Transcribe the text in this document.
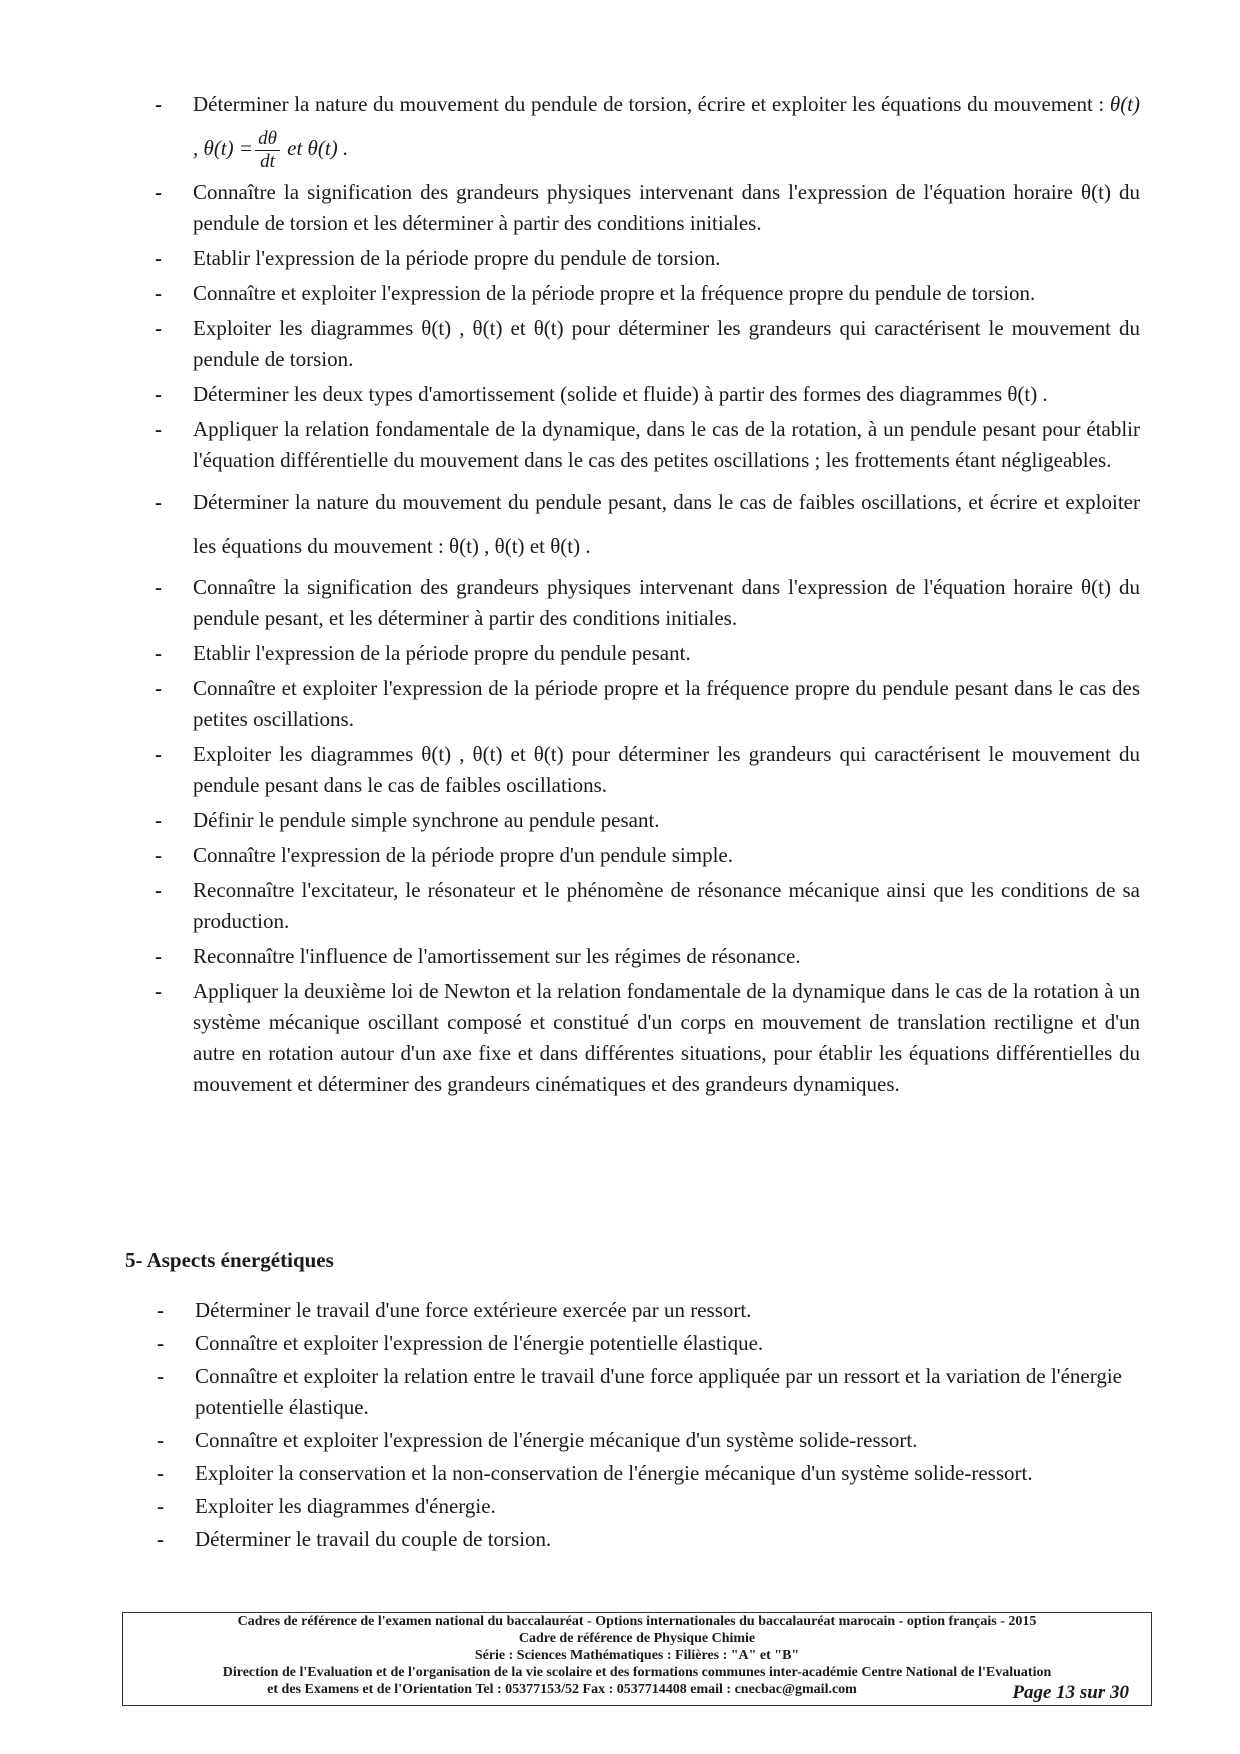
- Déterminer la nature du mouvement du pendule de torsion, écrire et exploiter les équations du mouvement : θ(t) , $\theta(t) = \frac{d\theta}{dt}$ et θ(t) .
- Connaître la signification des grandeurs physiques intervenant dans l'expression de l'équation horaire θ(t) du pendule de torsion et les déterminer à partir des conditions initiales.
- Etablir l'expression de la période propre du pendule de torsion.
- Connaître et exploiter l'expression de la période propre et la fréquence propre du pendule de torsion.
- Exploiter les diagrammes θ(t) , θ(t) et θ(t) pour déterminer les grandeurs qui caractérisent le mouvement du pendule de torsion.
- Déterminer les deux types d'amortissement (solide et fluide) à partir des formes des diagrammes θ(t) .
- Appliquer la relation fondamentale de la dynamique, dans le cas de la rotation, à un pendule pesant pour établir l'équation différentielle du mouvement dans le cas des petites oscillations ; les frottements étant négligeables.
- Déterminer la nature du mouvement du pendule pesant, dans le cas de faibles oscillations, et écrire et exploiter les équations du mouvement : θ(t) , θ(t) et θ(t) .
- Connaître la signification des grandeurs physiques intervenant dans l'expression de l'équation horaire θ(t) du pendule pesant, et les déterminer à partir des conditions initiales.
- Etablir l'expression de la période propre du pendule pesant.
- Connaître et exploiter l'expression de la période propre et la fréquence propre du pendule pesant dans le cas des petites oscillations.
- Exploiter les diagrammes θ(t) , θ(t) et θ(t) pour déterminer les grandeurs qui caractérisent le mouvement du pendule pesant dans le cas de faibles oscillations.
- Définir le pendule simple synchrone au pendule pesant.
- Connaître l'expression de la période propre d'un pendule simple.
- Reconnaître l'excitateur, le résonateur et le phénomène de résonance mécanique ainsi que les conditions de sa production.
- Reconnaître l'influence de l'amortissement sur les régimes de résonance.
- Appliquer la deuxième loi de Newton et la relation fondamentale de la dynamique dans le cas de la rotation à un système mécanique oscillant composé et constitué d'un corps en mouvement de translation rectiligne et d'un autre en rotation autour d'un axe fixe et dans différentes situations, pour établir les équations différentielles du mouvement et déterminer des grandeurs cinématiques et des grandeurs dynamiques.
5- Aspects énergétiques
- Déterminer le travail d'une force extérieure exercée par un ressort.
- Connaître et exploiter l'expression de l'énergie potentielle élastique.
- Connaître et exploiter la relation entre le travail d'une force appliquée par un ressort et la variation de l'énergie potentielle élastique.
- Connaître et exploiter l'expression de l'énergie mécanique d'un système solide-ressort.
- Exploiter la conservation et la non-conservation de l'énergie mécanique d'un système solide-ressort.
- Exploiter les diagrammes d'énergie.
- Déterminer le travail du couple de torsion.
Cadres de référence de l'examen national du baccalauréat - Options internationales du baccalauréat marocain - option français - 2015
Cadre de référence de Physique Chimie
Série : Sciences Mathématiques : Filières : "A" et "B"
Direction de l'Evaluation et de l'organisation de la vie scolaire et des formations communes inter-académie Centre National de l'Evaluation
et des Examens et de l'Orientation Tel : 05377153/52 Fax : 0537714408 email : cnecbac@gmail.com	Page 13 sur 30
